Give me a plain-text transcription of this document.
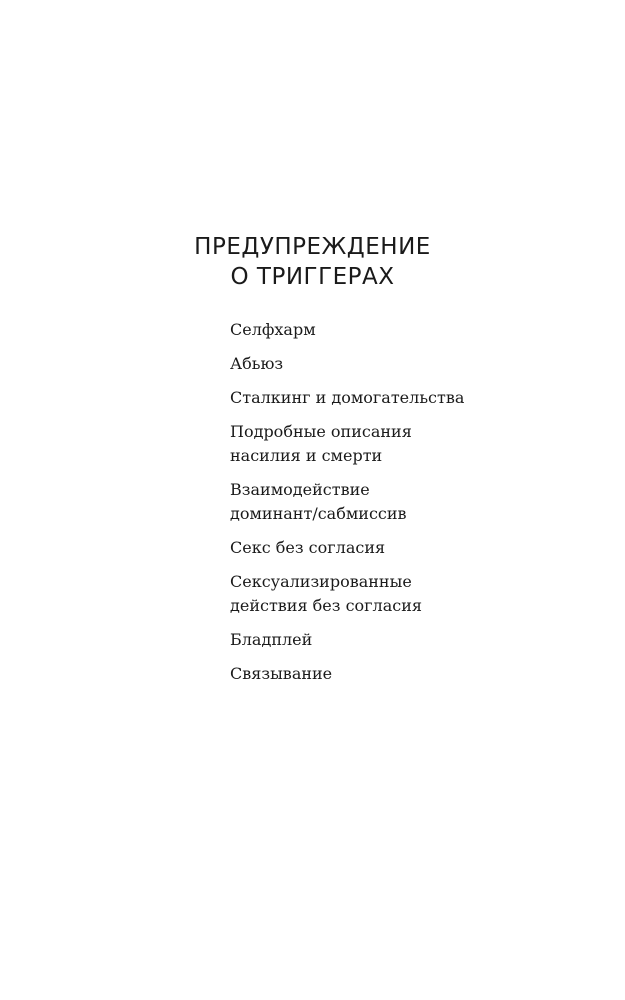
ПРЕДУПРЕЖДЕНИЕ
О ТРИГГЕРАХ
Селфхарм
Абьюз
Сталкинг и домогательства
Подробные описания
насилия и смерти
Взаимодействие
доминант/сабмиссив
Секс без согласия
Сексуализированные
действия без согласия
Бладплей
Связывание
